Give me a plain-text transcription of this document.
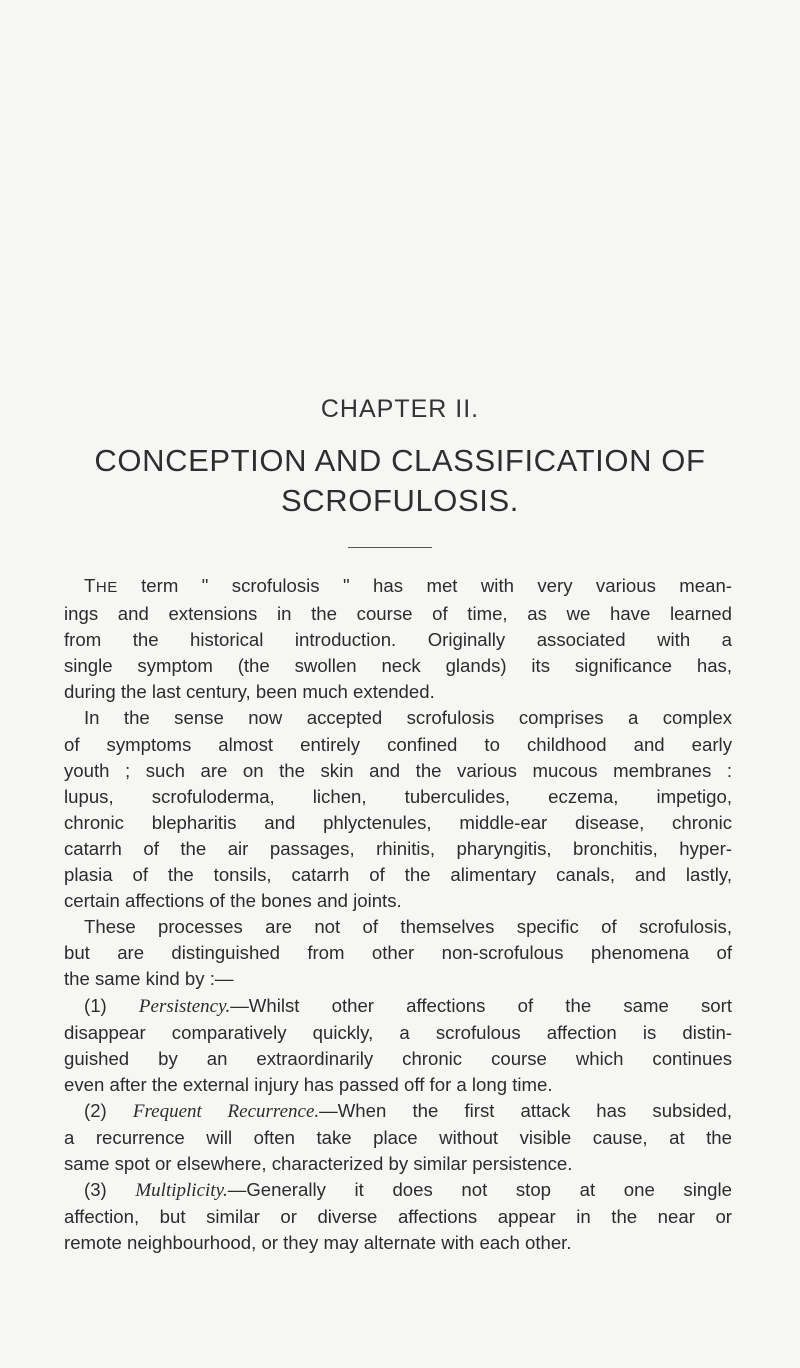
CHAPTER II.
CONCEPTION AND CLASSIFICATION OF
SCROFULOSIS.
THE term " scrofulosis " has met with very various mean-
ings and extensions in the course of time, as we have learned
from the historical introduction. Originally associated with a
single symptom (the swollen neck glands) its significance has,
during the last century, been much extended.
In the sense now accepted scrofulosis comprises a complex
of symptoms almost entirely confined to childhood and early
youth ; such are on the skin and the various mucous membranes :
lupus, scrofuloderma, lichen, tuberculides, eczema, impetigo,
chronic blepharitis and phlyctenules, middle-ear disease, chronic
catarrh of the air passages, rhinitis, pharyngitis, bronchitis, hyper-
plasia of the tonsils, catarrh of the alimentary canals, and lastly,
certain affections of the bones and joints.
These processes are not of themselves specific of scrofulosis,
but are distinguished from other non-scrofulous phenomena of
the same kind by :—
(1) Persistency.—Whilst other affections of the same sort
disappear comparatively quickly, a scrofulous affection is distin-
guished by an extraordinarily chronic course which continues
even after the external injury has passed off for a long time.
(2) Frequent Recurrence.—When the first attack has subsided,
a recurrence will often take place without visible cause, at the
same spot or elsewhere, characterized by similar persistence.
(3) Multiplicity.—Generally it does not stop at one single
affection, but similar or diverse affections appear in the near or
remote neighbourhood, or they may alternate with each other.
